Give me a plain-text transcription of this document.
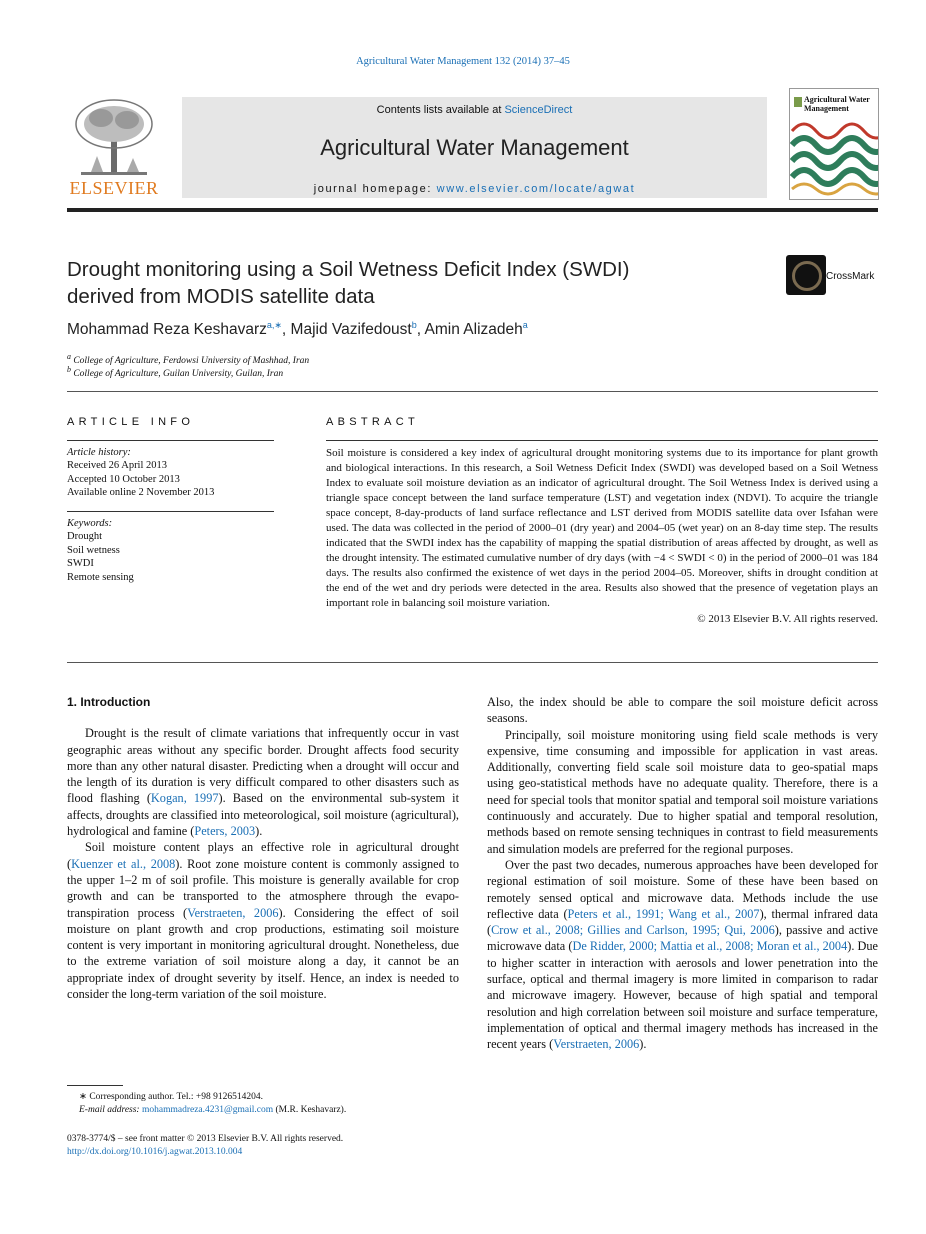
Agricultural Water Management 132 (2014) 37–45
ELSEVIER
Contents lists available at ScienceDirect
Agricultural Water Management
journal homepage: www.elsevier.com/locate/agwat
Agricultural Water Management
Drought monitoring using a Soil Wetness Deficit Index (SWDI)
derived from MODIS satellite data
CrossMark
Mohammad Reza Keshavarz$^{a,∗}$, Majid Vazifedoust$^b$, Amin Alizadeh$^a$
$^a$ College of Agriculture, Ferdowsi University of Mashhad, Iran
$^b$ College of Agriculture, Guilan University, Guilan, Iran
ARTICLE INFO	ABSTRACT
Article history:
Received 26 April 2013
Accepted 10 October 2013
Available online 2 November 2013
Keywords:
Drought
Soil wetness
SWDI
Remote sensing
Soil moisture is considered a key index of agricultural drought monitoring systems due to its importance for plant growth and biological interactions. In this research, a Soil Wetness Deficit Index (SWDI) was developed based on a Soil Wetness Index to evaluate soil moisture deviation as an indicator of agricultural drought. The Soil Wetness Index is derived using a triangle space concept between the land surface temperature (LST) and vegetation index (NDVI). To acquire the triangle space concept, 8-day-products of land surface reflectance and LST derived from MODIS satellite data over Isfahan were used. The data was collected in the period of 2000–01 (dry year) and 2004–05 (wet year) on an 8-day time step. The results indicated that the SWDI index has the capability of mapping the spatial distribution of areas affected by drought, as well as the drought intensity. The estimated cumulative number of dry days (with −4 < SWDI < 0) in the period of 2000–01 was 184 days. The results also confirmed the existence of wet days in the period 2004–05. Moreover, shifts in drought condition at the end of the wet and dry periods were detected in the area. Results also showed that the presence of vegetation plays an important role in balancing soil moisture variation.
© 2013 Elsevier B.V. All rights reserved.
1. Introduction

Drought is the result of climate variations that infrequently occur in vast geographic areas without any specific border. Drought affects food security more than any other natural disaster. Predicting when a drought will occur and the length of its duration is very difficult compared to other disasters such as flood flashing (Kogan, 1997). Based on the environmental sub-system it affects, droughts are classified into meteorological, soil moisture (agricultural), hydrological and famine (Peters, 2003).

Soil moisture content plays an effective role in agricultural drought (Kuenzer et al., 2008). Root zone moisture content is commonly assigned to the upper 1–2 m of soil profile. This moisture is generally available for crop growth and can be transported to the atmosphere through the evapo-transpiration process (Verstraeten, 2006). Considering the effect of soil moisture on plant growth and crop productions, estimating soil moisture content is very important in monitoring agricultural drought. Nonetheless, due to the extreme variation of soil moisture along a day, it cannot be an appropriate index of drought severity by itself. Hence, an index is needed to consider the long-term variation of the soil moisture.

Also, the index should be able to compare the soil moisture deficit across seasons.

Principally, soil moisture monitoring using field scale methods is very expensive, time consuming and impossible for application in vast areas. Additionally, converting field scale soil moisture data to geo-spatial maps using geo-statistical methods have no adequate quality. Therefore, there is a need for special tools that monitor spatial and temporal soil moisture variations continuously and accurately. Due to higher spatial and temporal resolution, methods based on remote sensing techniques in contrast to field measurements and simulation models are preferred for the regional purposes.

Over the past two decades, numerous approaches have been developed for regional estimation of soil moisture. Some of these have been based on remotely sensed optical and microwave data. Methods include the use reflective data (Peters et al., 1991; Wang et al., 2007), thermal infrared data (Crow et al., 2008; Gillies and Carlson, 1995; Qui, 2006), passive and active microwave data (De Ridder, 2000; Mattia et al., 2008; Moran et al., 2004). Due to higher scatter in interaction with aerosols and lower penetration into the surface, optical and thermal imagery is more limited in comparison to radar and microwave imagery. However, because of high spatial and temporal resolution and high correlation between soil moisture and surface temperature, implementation of optical and thermal imagery methods has increased in the recent years (Verstraeten, 2006).

∗ Corresponding author. Tel.: +98 9126514204.
E-mail address: mohammadreza.4231@gmail.com (M.R. Keshavarz).
0378-3774/$ – see front matter © 2013 Elsevier B.V. All rights reserved.
http://dx.doi.org/10.1016/j.agwat.2013.10.004
